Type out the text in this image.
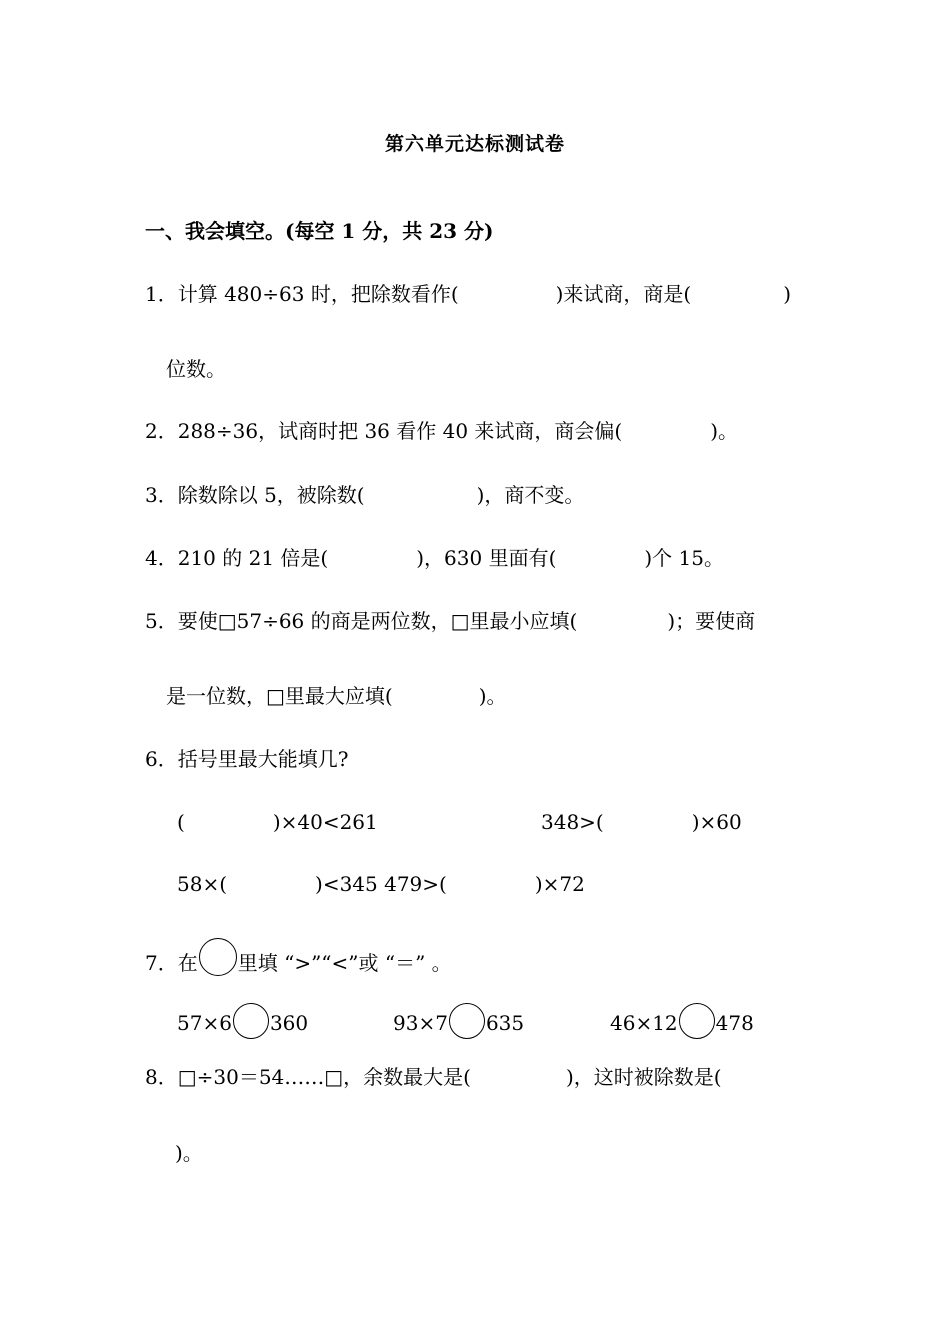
第六单元达标测试卷
一、我会填空。(每空 1 分，共 23 分)
1．计算 480÷63 时，把除数看作(	)来试商，商是(	)
位数。
2．288÷36，试商时把 36 看作 40 来试商，商会偏(	)。
3．除数除以 5，被除数(	)，商不变。
4．210 的 21 倍是(	)，630 里面有(	)个 15。
5．要使□57÷66 的商是两位数，□里最小应填(	)；要使商
是一位数，□里最大应填(	)。
6．括号里最大能填几?
(	)×40<261	348>(	)×60
58×(	)<345 479>(	)×72
7．在 里填 “>”“<”或 “＝” 。
57×6 360	93×7 635	46×12 478
8．□÷30＝54……□，余数最大是(	)，这时被除数是(
)。
